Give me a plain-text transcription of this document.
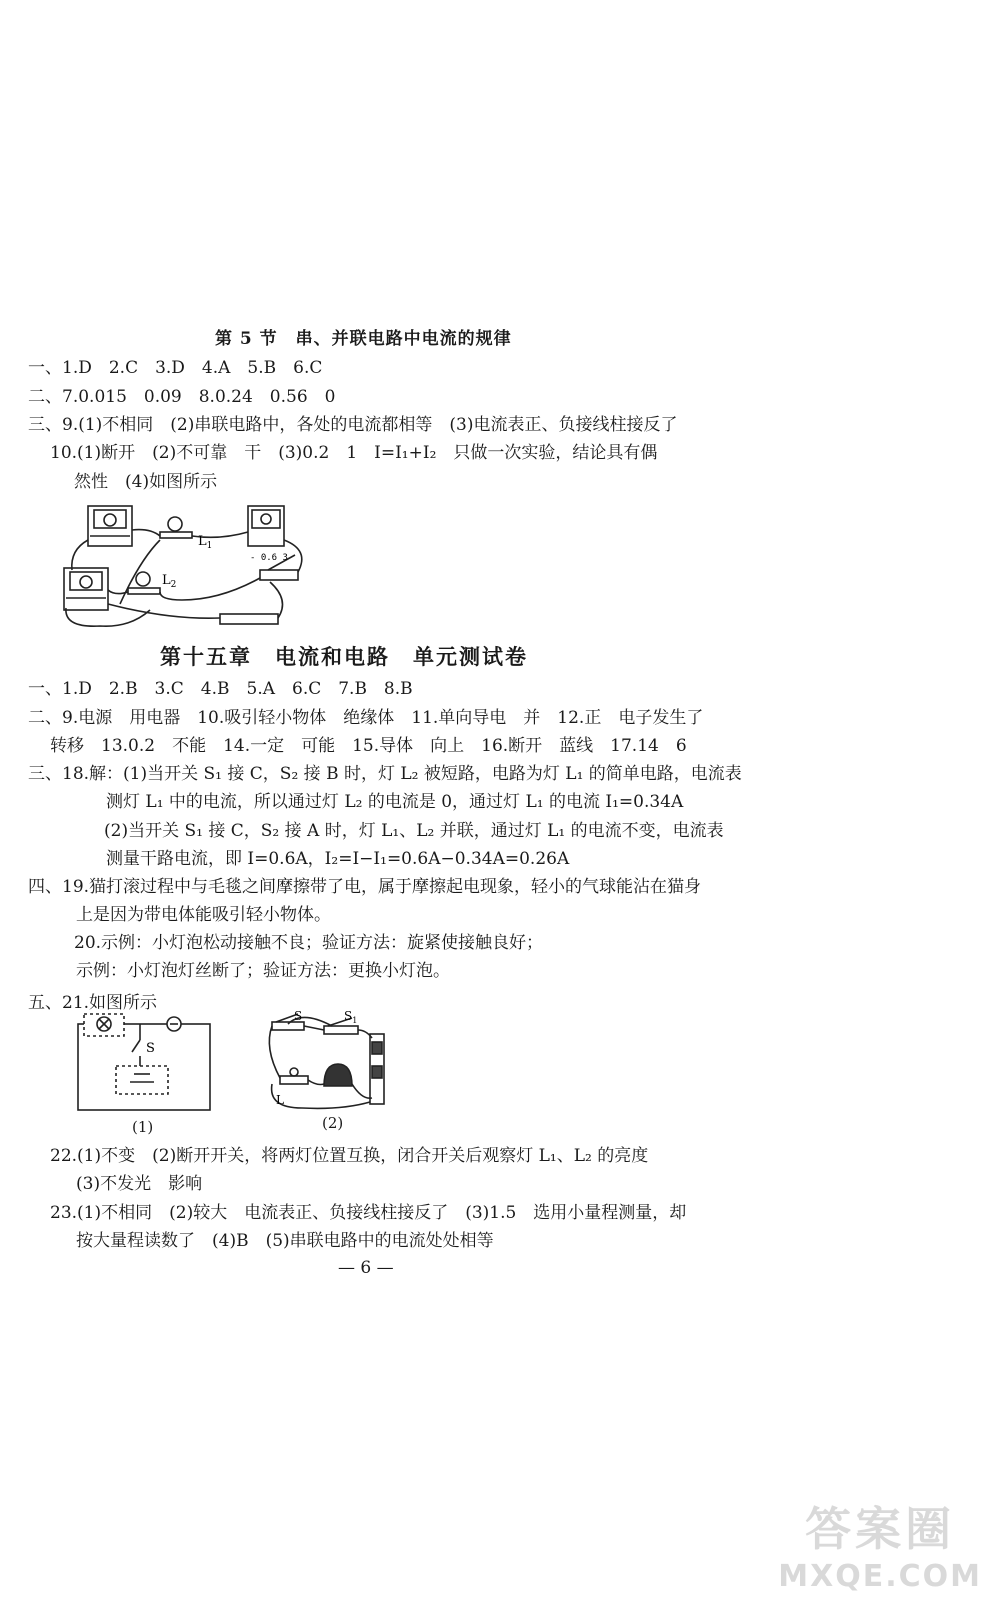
第 5 节　串、并联电路中电流的规律
一、1.D　2.C　3.D　4.A　5.B　6.C
二、7.0.015　0.09　8.0.24　0.56　0
三、9.(1)不相同　(2)串联电路中，各处的电流都相等　(3)电流表正、负接线柱接反了
10.(1)断开　(2)不可靠　干　(3)0.2　1　I=I₁+I₂　只做一次实验，结论具有偶
然性　(4)如图所示
$L_1$
$L_2$
- 0.6 3
第十五章　电流和电路　单元测试卷
一、1.D　2.B　3.C　4.B　5.A　6.C　7.B　8.B
二、9.电源　用电器　10.吸引轻小物体　绝缘体　11.单向导电　并　12.正　电子发生了
转移　13.0.2　不能　14.一定　可能　15.导体　向上　16.断开　蓝线　17.14　6
三、18.解：(1)当开关 S₁ 接 C，S₂ 接 B 时，灯 L₂ 被短路，电路为灯 L₁ 的简单电路，电流表
测灯 L₁ 中的电流，所以通过灯 L₂ 的电流是 0，通过灯 L₁ 的电流 I₁=0.34A
(2)当开关 S₁ 接 C，S₂ 接 A 时，灯 L₁、L₂ 并联，通过灯 L₁ 的电流不变，电流表
测量干路电流，即 I=0.6A，I₂=I−I₁=0.6A−0.34A=0.26A
四、19.猫打滚过程中与毛毯之间摩擦带了电，属于摩擦起电现象，轻小的气球能沾在猫身
上是因为带电体能吸引轻小物体。
20.示例：小灯泡松动接触不良；验证方法：旋紧使接触良好；
示例：小灯泡灯丝断了；验证方法：更换小灯泡。
五、21.如图所示
S
(1)
S	$S_1$
L
(2)
22.(1)不变　(2)断开开关，将两灯位置互换，闭合开关后观察灯 L₁、L₂ 的亮度
(3)不发光　影响
23.(1)不相同　(2)较大　电流表正、负接线柱接反了　(3)1.5　选用小量程测量，却
按大量程读数了　(4)B　(5)串联电路中的电流处处相等
— 6 —
答案圈
MXQE.COM
